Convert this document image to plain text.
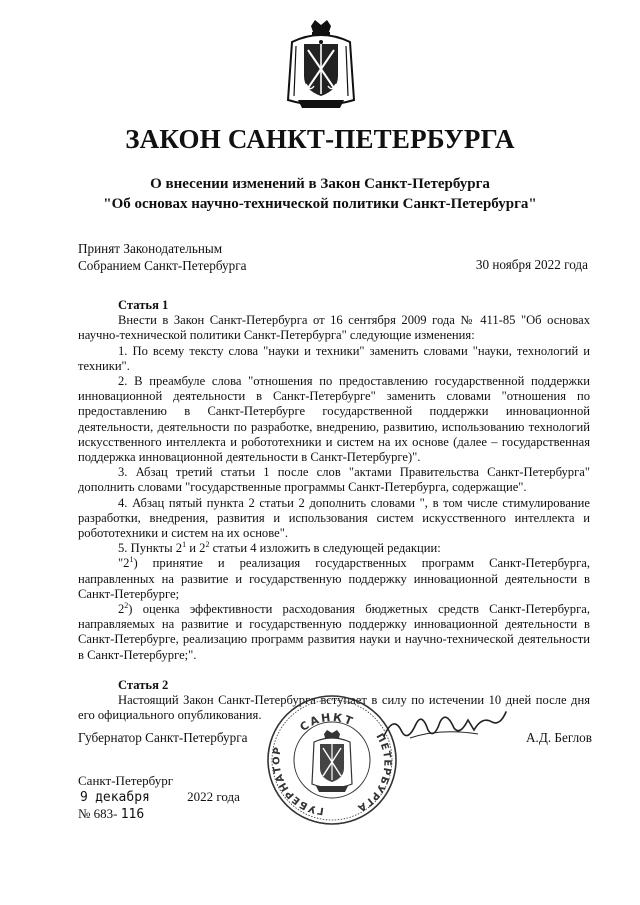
ЗАКОН САНКТ-ПЕТЕРБУРГА
О внесении изменений в Закон Санкт-Петербурга
"Об основах научно-технической политики Санкт-Петербурга"
Принят Законодательным
Собранием Санкт-Петербурга	30 ноября 2022 года

Статья 1

Внести в Закон Санкт-Петербурга от 16 сентября 2009 года № 411-85 "Об основах научно-технической политики Санкт-Петербурга" следующие изменения:

1. По всему тексту слова "науки и техники" заменить словами "науки, технологий и техники".

2. В преамбуле слова "отношения по предоставлению государственной поддержки инновационной деятельности в Санкт-Петербурге" заменить словами "отношения по предоставлению в Санкт-Петербурге государственной поддержки инновационной деятельности, деятельности по разработке, внедрению, развитию, использованию технологий искусственного интеллекта и робототехники и систем на их основе (далее – государственная поддержка инновационной деятельности в Санкт-Петербурге)".

3. Абзац третий статьи 1 после слов "актами Правительства Санкт-Петербурга" дополнить словами "государственные программы Санкт-Петербурга, содержащие".

4. Абзац пятый пункта 2 статьи 2 дополнить словами ", в том числе стимулирование разработки, внедрения, развития и использования систем искусственного интеллекта и робототехники и систем на их основе".

5. Пункты $2^1$ и $2^2$ статьи 4 изложить в следующей редакции:

"$2^1$) принятие и реализация государственных программ Санкт-Петербурга, направленных на развитие и государственную поддержку инновационной деятельности в Санкт-Петербурге;

$2^2$) оценка эффективности расходования бюджетных средств Санкт-Петербурга, направляемых на развитие и государственную поддержку инновационной деятельности в Санкт-Петербурге, реализацию программ развития науки и научно-технической деятельности в Санкт-Петербурге;".

Статья 2

Настоящий Закон Санкт-Петербурга вступает в силу по истечении 10 дней после дня его официального опубликования.

САНКТ
ГУБЕРНАТОР
ПЕТЕРБУРГА
Губернатор Санкт-Петербурга	А.Д. Беглов
Санкт-Петербург
9 декабря	2022 года
№ 683- 116
